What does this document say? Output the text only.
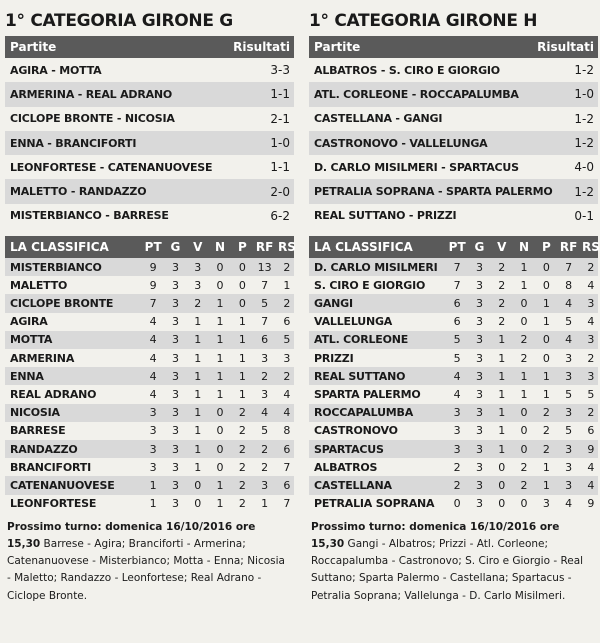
1° CATEGORIA GIRONE G
Partite	Risultati
AGIRA - MOTTA	3-3
ARMERINA - REAL ADRANO	1-1
CICLOPE BRONTE - NICOSIA	2-1
ENNA - BRANCIFORTI	1-0
LEONFORTESE - CATENANUOVESE	1-1
MALETTO - RANDAZZO	2-0
MISTERBIANCO - BARRESE	6-2
LA CLASSIFICA	PT G	V	N	P RF RS
MISTERBIANCO	9	3	3	0	0	13	2
MALETTO	9	3	3	0	0	7	1
CICLOPE BRONTE	7	3	2	1	0	5	2
AGIRA	4	3	1	1	1	7	6
MOTTA	4	3	1	1	1	6	5
ARMERINA	4	3	1	1	1	3	3
ENNA	4	3	1	1	1	2	2
REAL ADRANO	4	3	1	1	1	3	4
NICOSIA	3	3	1	0	2	4	4
BARRESE	3	3	1	0	2	5	8
RANDAZZO	3	3	1	0	2	2	6
BRANCIFORTI	3	3	1	0	2	2	7
CATENANUOVESE	1	3	0	1	2	3	6
LEONFORTESE	1	3	0	1	2	1	7
Prossimo turno: domenica 16/10/2016 ore 15,30 Barrese - Agira; Branciforti - Armerina; Catenanuovese - Misterbianco; Motta - Enna; Nicosia - Maletto; Randazzo - Leonfortese; Real Adrano - Ciclope Bronte.
1° CATEGORIA GIRONE H
Partite	Risultati
ALBATROS - S. CIRO E GIORGIO	1-2
ATL. CORLEONE - ROCCAPALUMBA	1-0
CASTELLANA - GANGI	1-2
CASTRONOVO - VALLELUNGA	1-2
D. CARLO MISILMERI - SPARTACUS	4-0
PETRALIA SOPRANA - SPARTA PALERMO 1-2
REAL SUTTANO - PRIZZI	0-1
LA CLASSIFICA	PT G	V	N	P RF RS
D. CARLO MISILMERI	7	3	2	1	0	7	2
S. CIRO E GIORGIO	7	3	2	1	0	8	4
GANGI	6	3	2	0	1	4	3
VALLELUNGA	6	3	2	0	1	5	4
ATL. CORLEONE	5	3	1	2	0	4	3
PRIZZI	5	3	1	2	0	3	2
REAL SUTTANO	4	3	1	1	1	3	3
SPARTA PALERMO	4	3	1	1	1	5	5
ROCCAPALUMBA	3	3	1	0	2	3	2
CASTRONOVO	3	3	1	0	2	5	6
SPARTACUS	3	3	1	0	2	3	9
ALBATROS	2	3	0	2	1	3	4
CASTELLANA	2	3	0	2	1	3	4
PETRALIA SOPRANA	0	3	0	0	3	4	9
Prossimo turno: domenica 16/10/2016 ore 15,30 Gangi - Albatros; Prizzi - Atl. Corleone; Roccapalumba - Castronovo; S. Ciro e Giorgio - Real Suttano; Sparta Palermo - Castellana; Spartacus - Petralia Soprana; Vallelunga - D. Carlo Misilmeri.
